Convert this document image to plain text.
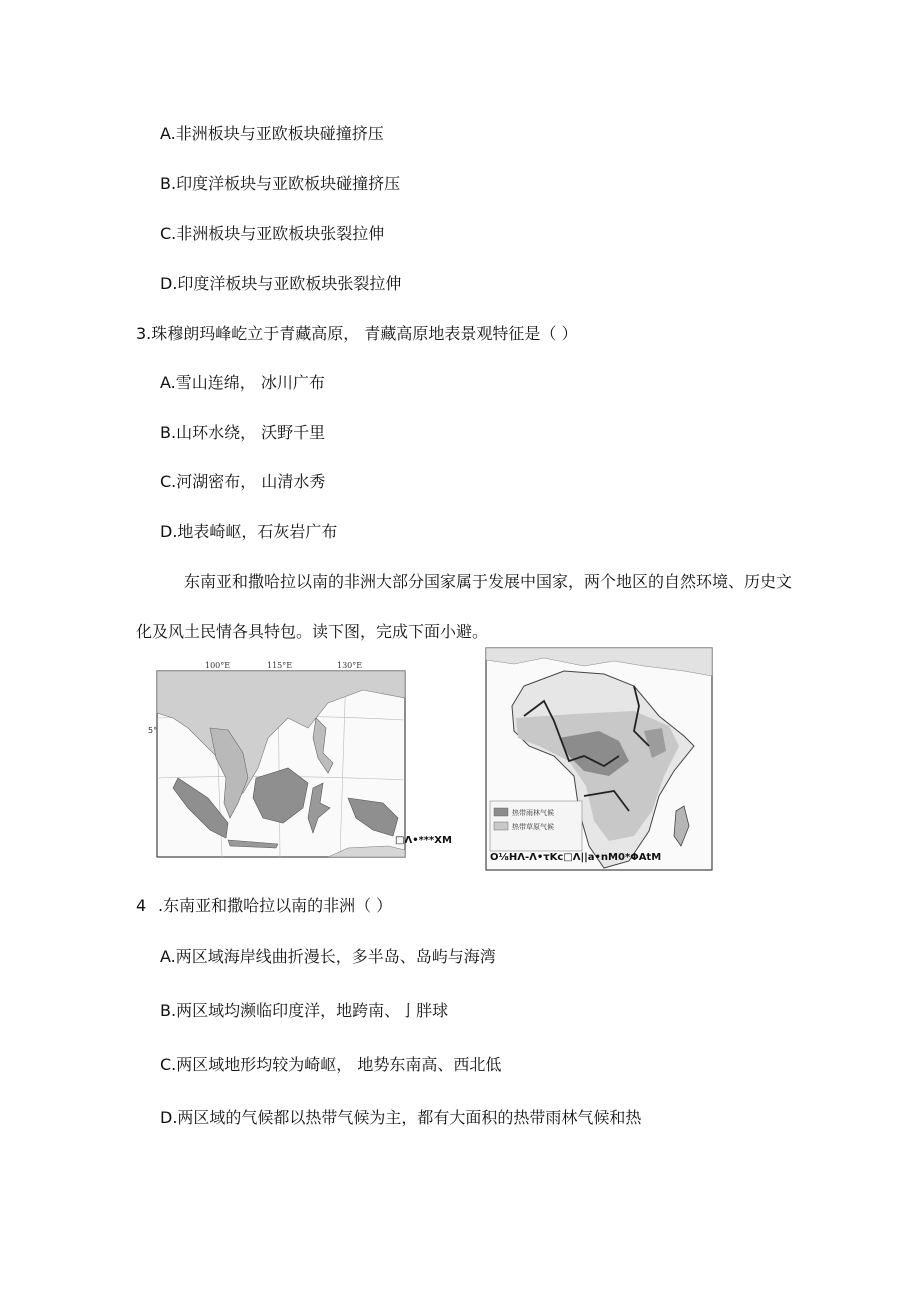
A.非洲板块与亚欧板块碰撞挤压
B.印度洋板块与亚欧板块碰撞挤压
C.非洲板块与亚欧板块张裂拉伸
D.印度洋板块与亚欧板块张裂拉伸
3.珠穆朗玛峰屹立于青藏高原， 青藏高原地表景观特征是（ ）
A.雪山连绵， 冰川广布
B.山环水绕， 沃野千里
C.河湖密布， 山清水秀
D.地表崎岖，石灰岩广布
东南亚和撒哈拉以南的非洲大部分国家属于发展中国家，两个地区的自然环境、历史文
化及风土民情各具特包。读下图，完成下面小避。
100°E	115°E	130°E
5°
□Λ•***XM
热带雨林气候
热带草原气候
O⅛HΛ-Λ•τKc□Λ||a•nM0*ΦAtM
4 .东南亚和撒哈拉以南的非洲（ ）
A.两区域海岸线曲折漫长，多半岛、岛屿与海湾
B.两区域均濒临印度洋，地跨南、亅胖球
C.两区域地形均较为崎岖， 地势东南高、西北低
D.两区域的气候都以热带气候为主，都有大面积的热带雨林气候和热
